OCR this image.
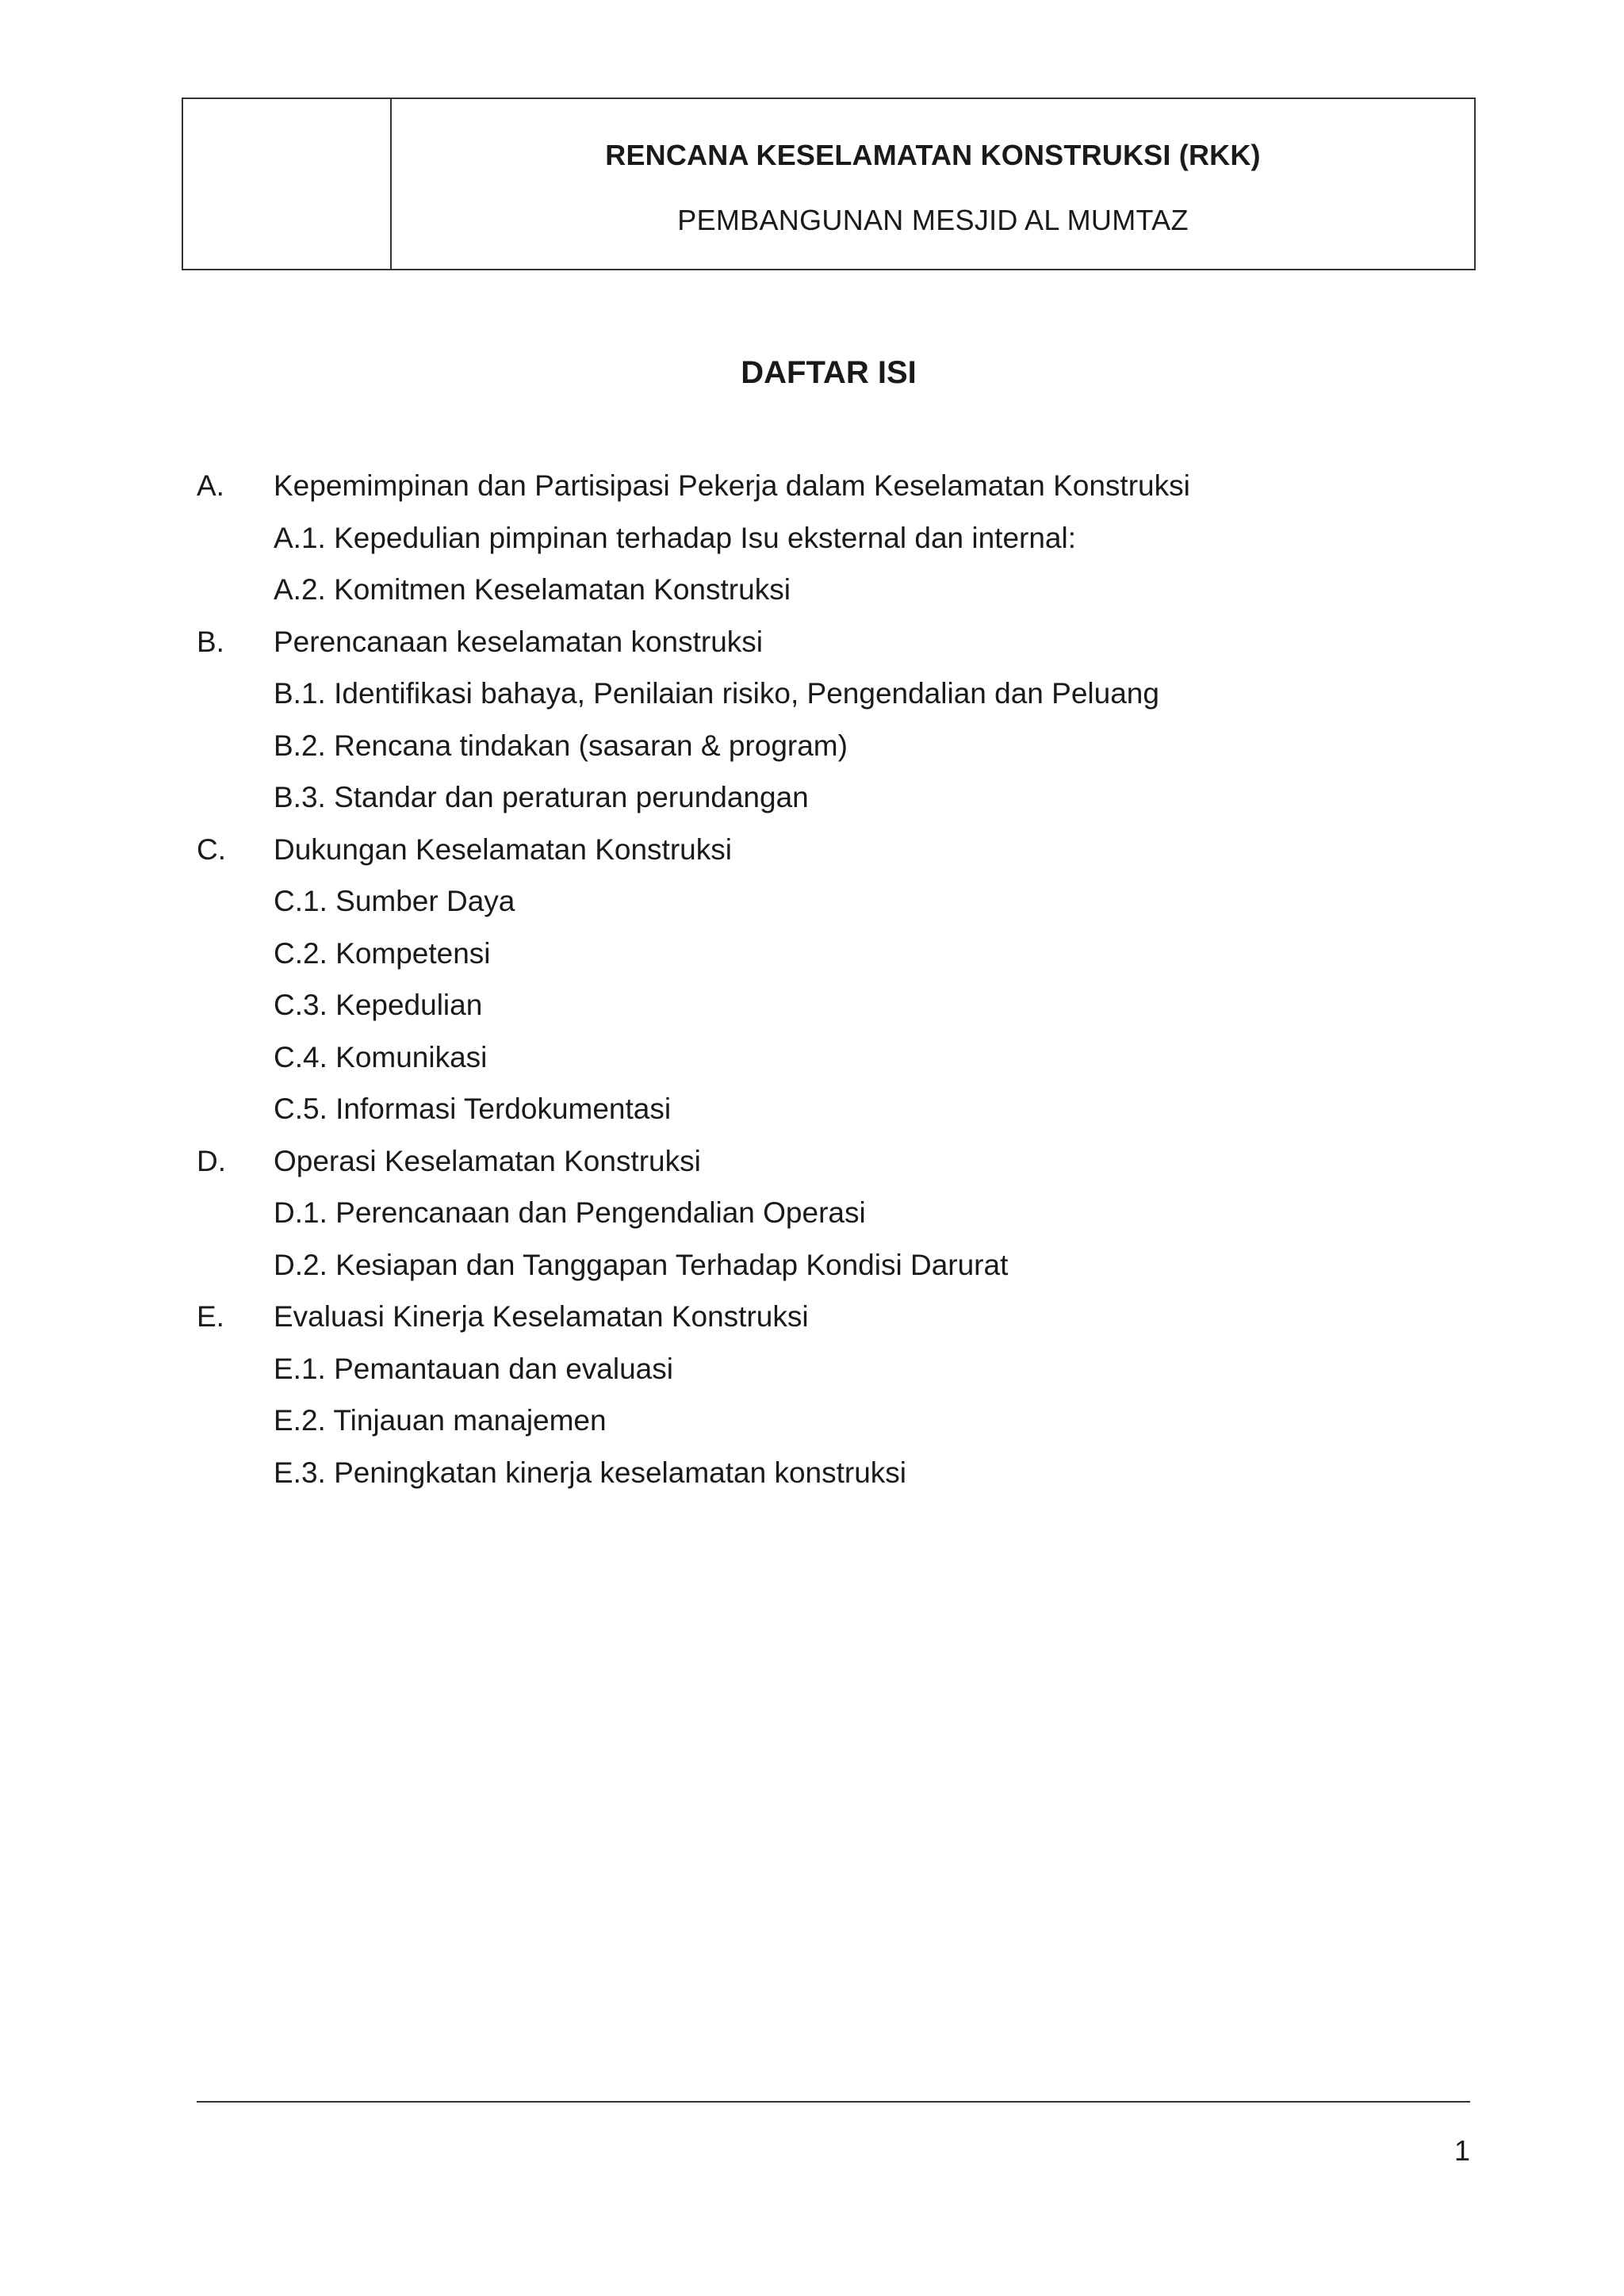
RENCANA KESELAMATAN KONSTRUKSI (RKK)
PEMBANGUNAN MESJID AL MUMTAZ
DAFTAR ISI
A. Kepemimpinan dan Partisipasi Pekerja dalam Keselamatan Konstruksi
A.1. Kepedulian pimpinan terhadap Isu eksternal dan internal:
A.2. Komitmen Keselamatan Konstruksi
B. Perencanaan keselamatan konstruksi
B.1. Identifikasi bahaya, Penilaian risiko, Pengendalian dan Peluang
B.2. Rencana tindakan (sasaran & program)
B.3. Standar dan peraturan perundangan
C. Dukungan Keselamatan Konstruksi
C.1. Sumber Daya
C.2. Kompetensi
C.3. Kepedulian
C.4. Komunikasi
C.5. Informasi Terdokumentasi
D. Operasi Keselamatan Konstruksi
D.1. Perencanaan dan Pengendalian Operasi
D.2. Kesiapan dan Tanggapan Terhadap Kondisi Darurat
E. Evaluasi Kinerja Keselamatan Konstruksi
E.1. Pemantauan dan evaluasi
E.2. Tinjauan manajemen
E.3. Peningkatan kinerja keselamatan konstruksi
1
